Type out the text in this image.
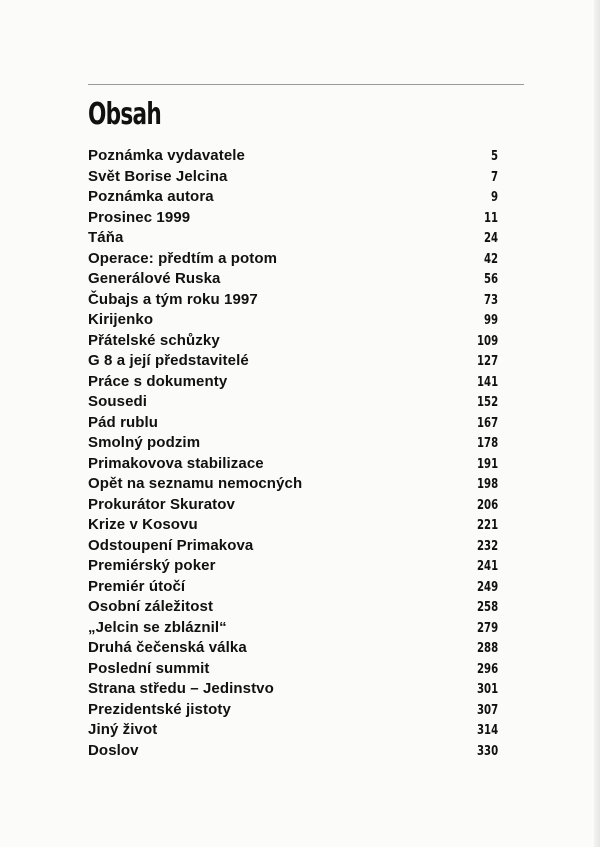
Obsah
Poznámka vydavatele	5
Svět Borise Jelcina	7
Poznámka autora	9
Prosinec 1999	11
Táňa	24
Operace: předtím a potom	42
Generálové Ruska	56
Čubajs a tým roku 1997	73
Kirijenko	99
Přátelské schůzky	109
G 8 a její představitelé	127
Práce s dokumenty	141
Sousedi	152
Pád rublu	167
Smolný podzim	178
Primakovova stabilizace	191
Opět na seznamu nemocných	198
Prokurátor Skuratov	206
Krize v Kosovu	221
Odstoupení Primakova	232
Premiérský poker	241
Premiér útočí	249
Osobní záležitost	258
„Jelcin se zbláznil“	279
Druhá čečenská válka	288
Poslední summit	296
Strana středu – Jedinstvo	301
Prezidentské jistoty	307
Jiný život	314
Doslov	330
